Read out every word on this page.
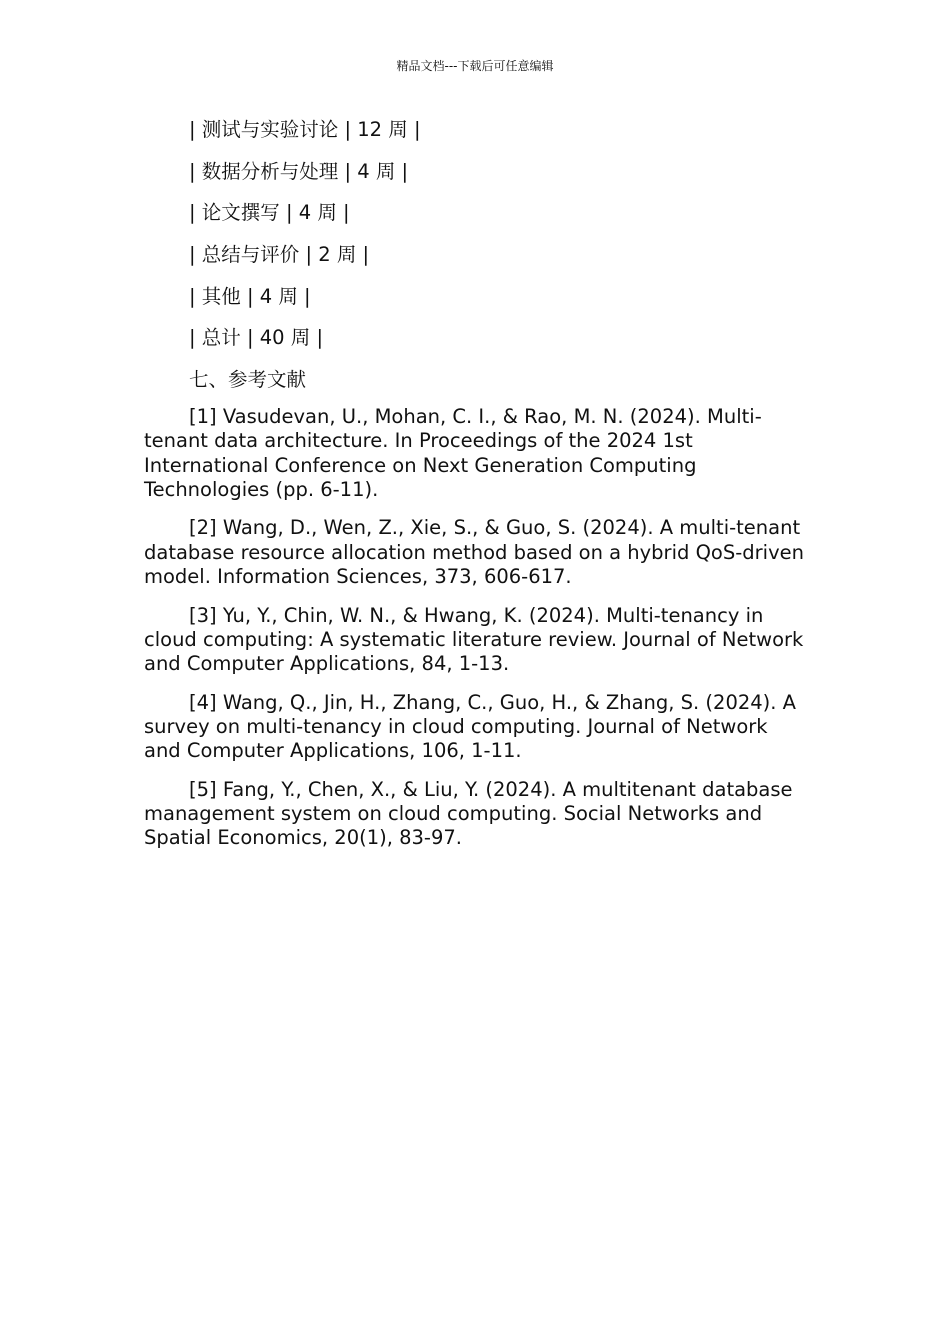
精品文档---下载后可任意编辑
| 测试与实验讨论 | 12 周 |
| 数据分析与处理 | 4 周 |
| 论文撰写 | 4 周 |
| 总结与评价 | 2 周 |
| 其他 | 4 周 |
| 总计 | 40 周 |
七、参考文献

[1] Vasudevan, U., Mohan, C. I., & Rao, M. N. (2024). Multi-tenant data architecture. In Proceedings of the 2024 1st International Conference on Next Generation Computing Technologies (pp. 6-11).

[2] Wang, D., Wen, Z., Xie, S., & Guo, S. (2024). A multi-tenant database resource allocation method based on a hybrid QoS-driven model. Information Sciences, 373, 606-617.

[3] Yu, Y., Chin, W. N., & Hwang, K. (2024). Multi-tenancy in cloud computing: A systematic literature review. Journal of Network and Computer Applications, 84, 1-13.

[4] Wang, Q., Jin, H., Zhang, C., Guo, H., & Zhang, S. (2024). A survey on multi-tenancy in cloud computing. Journal of Network and Computer Applications, 106, 1-11.

[5] Fang, Y., Chen, X., & Liu, Y. (2024). A multitenant database management system on cloud computing. Social Networks and Spatial Economics, 20(1), 83-97.
